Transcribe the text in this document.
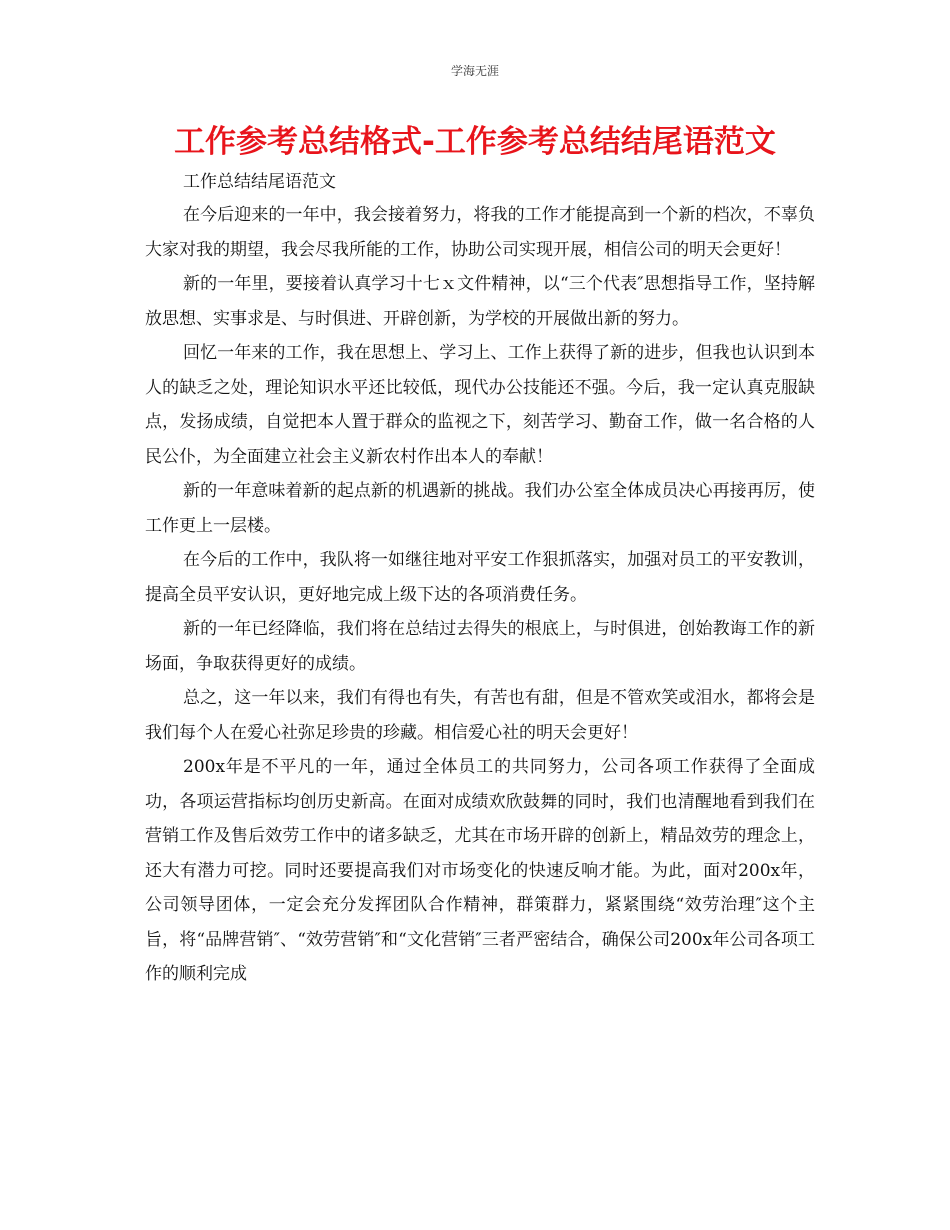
学海无涯
工作参考总结格式-工作参考总结结尾语范文

工作总结结尾语范文

在今后迎来的一年中，我会接着努力，将我的工作才能提高到一个新的档次，不辜负大家对我的期望，我会尽我所能的工作，协助公司实现开展，相信公司的明天会更好！

新的一年里，要接着认真学习十七ｘ文件精神，以“三个代表″思想指导工作，坚持解放思想、实事求是、与时俱进、开辟创新，为学校的开展做出新的努力。

回忆一年来的工作，我在思想上、学习上、工作上获得了新的进步，但我也认识到本人的缺乏之处，理论知识水平还比较低，现代办公技能还不强。今后，我一定认真克服缺点，发扬成绩，自觉把本人置于群众的监视之下，刻苦学习、勤奋工作，做一名合格的人民公仆，为全面建立社会主义新农村作出本人的奉献！

新的一年意味着新的起点新的机遇新的挑战。我们办公室全体成员决心再接再厉，使工作更上一层楼。

在今后的工作中，我队将一如继往地对平安工作狠抓落实，加强对员工的平安教训，提高全员平安认识，更好地完成上级下达的各项消费任务。

新的一年已经降临，我们将在总结过去得失的根底上，与时俱进，创始教诲工作的新场面，争取获得更好的成绩。

总之，这一年以来，我们有得也有失，有苦也有甜，但是不管欢笑或泪水，都将会是我们每个人在爱心社弥足珍贵的珍藏。相信爱心社的明天会更好！

200x年是不平凡的一年，通过全体员工的共同努力，公司各项工作获得了全面成功，各项运营指标均创历史新高。在面对成绩欢欣鼓舞的同时，我们也清醒地看到我们在营销工作及售后效劳工作中的诸多缺乏，尤其在市场开辟的创新上，精品效劳的理念上，还大有潜力可挖。同时还要提高我们对市场变化的快速反响才能。为此，面对200x年，公司领导团体，一定会充分发挥团队合作精神，群策群力，紧紧围绕“效劳治理″这个主旨，将“品牌营销″、“效劳营销″和“文化营销″三者严密结合，确保公司200x年公司各项工作的顺利完成
